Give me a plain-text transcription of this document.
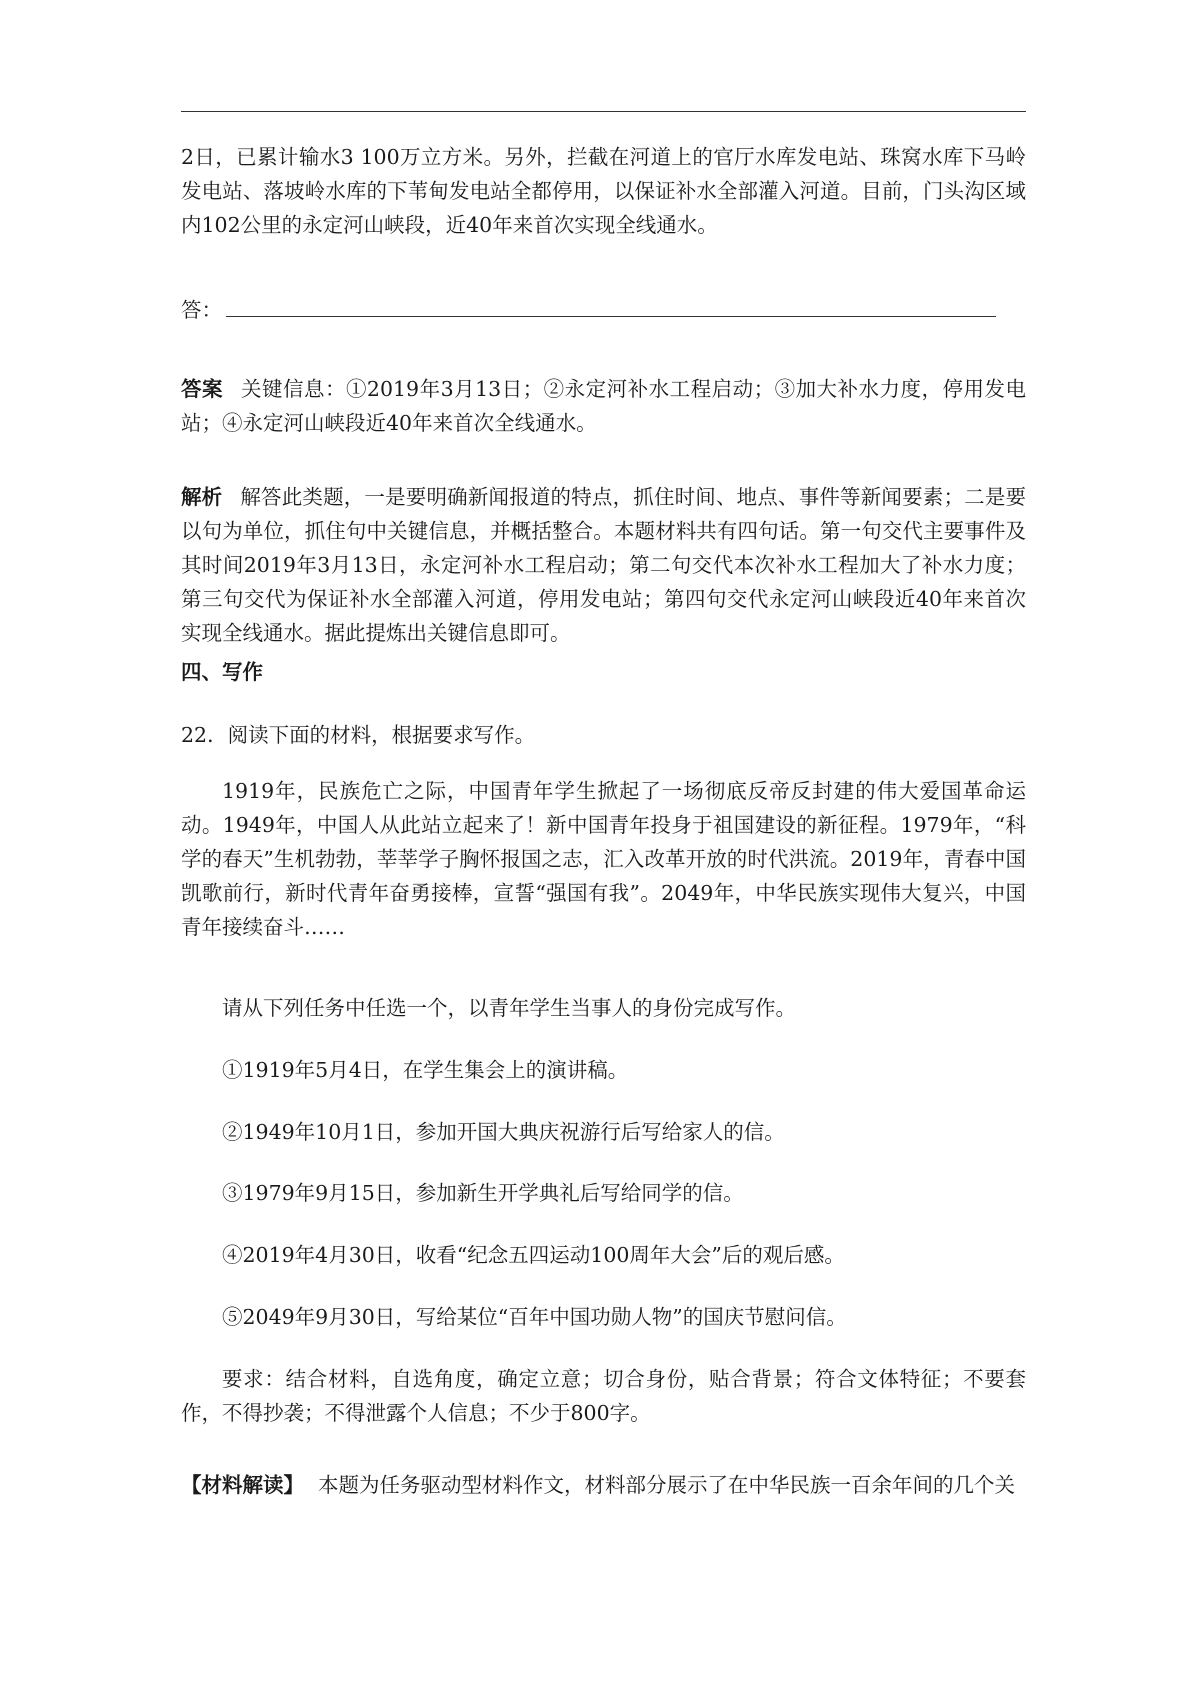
2日，已累计输水3 100万立方米。另外，拦截在河道上的官厅水库发电站、珠窝水库下马岭发电站、落坡岭水库的下苇甸发电站全都停用，以保证补水全部灌入河道。目前，门头沟区域内102公里的永定河山峡段，近40年来首次实现全线通水。
答：
答案 关键信息：①2019年3月13日；②永定河补水工程启动；③加大补水力度，停用发电站；④永定河山峡段近40年来首次全线通水。
解析 解答此类题，一是要明确新闻报道的特点，抓住时间、地点、事件等新闻要素；二是要以句为单位，抓住句中关键信息，并概括整合。本题材料共有四句话。第一句交代主要事件及其时间2019年3月13日，永定河补水工程启动；第二句交代本次补水工程加大了补水力度；第三句交代为保证补水全部灌入河道，停用发电站；第四句交代永定河山峡段近40年来首次实现全线通水。据此提炼出关键信息即可。
四、写作
22．阅读下面的材料，根据要求写作。
1919年，民族危亡之际，中国青年学生掀起了一场彻底反帝反封建的伟大爱国革命运动。1949年，中国人从此站立起来了！新中国青年投身于祖国建设的新征程。1979年，“科学的春天”生机勃勃，莘莘学子胸怀报国之志，汇入改革开放的时代洪流。2019年，青春中国凯歌前行，新时代青年奋勇接棒，宣誓“强国有我”。2049年，中华民族实现伟大复兴，中国青年接续奋斗……
请从下列任务中任选一个，以青年学生当事人的身份完成写作。
①1919年5月4日，在学生集会上的演讲稿。
②1949年10月1日，参加开国大典庆祝游行后写给家人的信。
③1979年9月15日，参加新生开学典礼后写给同学的信。
④2019年4月30日，收看“纪念五四运动100周年大会”后的观后感。
⑤2049年9月30日，写给某位“百年中国功勋人物”的国庆节慰问信。
要求：结合材料，自选角度，确定立意；切合身份，贴合背景；符合文体特征；不要套作，不得抄袭；不得泄露个人信息；不少于800字。
【材料解读】 本题为任务驱动型材料作文，材料部分展示了在中华民族一百余年间的几个关
